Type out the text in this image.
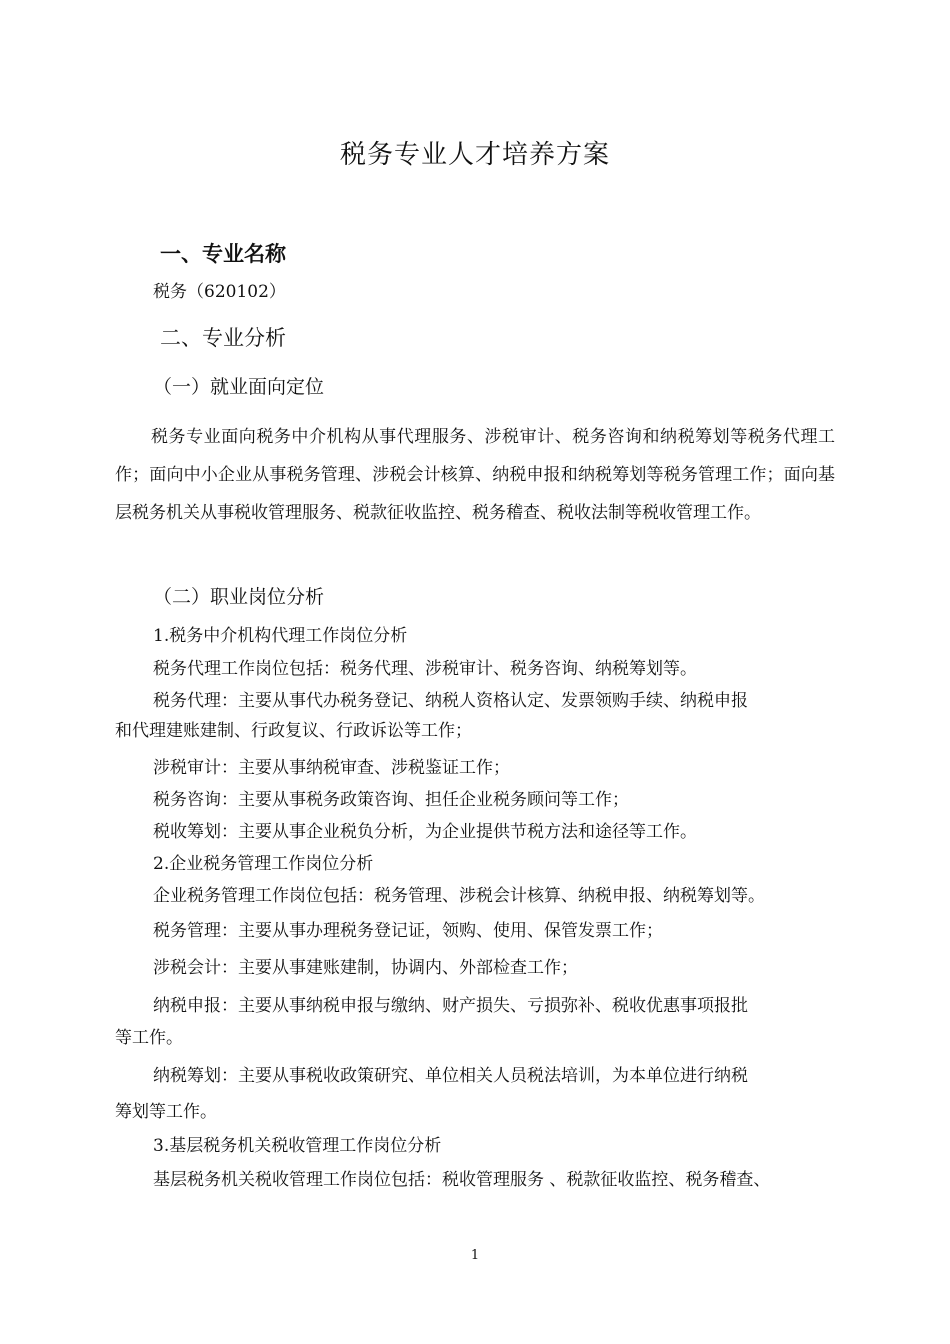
税务专业人才培养方案
一、专业名称
税务（620102）
二、专业分析
（一）就业面向定位
税务专业面向税务中介机构从事代理服务、涉税审计、税务咨询和纳税筹划等税务代理工作；面向中小企业从事税务管理、涉税会计核算、纳税申报和纳税筹划等税务管理工作；面向基层税务机关从事税收管理服务、税款征收监控、税务稽查、税收法制等税收管理工作。
（二）职业岗位分析
1.税务中介机构代理工作岗位分析
税务代理工作岗位包括：税务代理、涉税审计、税务咨询、纳税筹划等。
税务代理：主要从事代办税务登记、纳税人资格认定、发票领购手续、纳税申报
和代理建账建制、行政复议、行政诉讼等工作；
涉税审计：主要从事纳税审查、涉税鉴证工作；
税务咨询：主要从事税务政策咨询、担任企业税务顾问等工作；
税收筹划：主要从事企业税负分析，为企业提供节税方法和途径等工作。
2.企业税务管理工作岗位分析
企业税务管理工作岗位包括：税务管理、涉税会计核算、纳税申报、纳税筹划等。
税务管理：主要从事办理税务登记证，领购、使用、保管发票工作；
涉税会计：主要从事建账建制，协调内、外部检查工作；
纳税申报：主要从事纳税申报与缴纳、财产损失、亏损弥补、税收优惠事项报批
等工作。
纳税筹划：主要从事税收政策研究、单位相关人员税法培训，为本单位进行纳税
筹划等工作。
3.基层税务机关税收管理工作岗位分析
基层税务机关税收管理工作岗位包括：税收管理服务 、税款征收监控、税务稽查、
1
